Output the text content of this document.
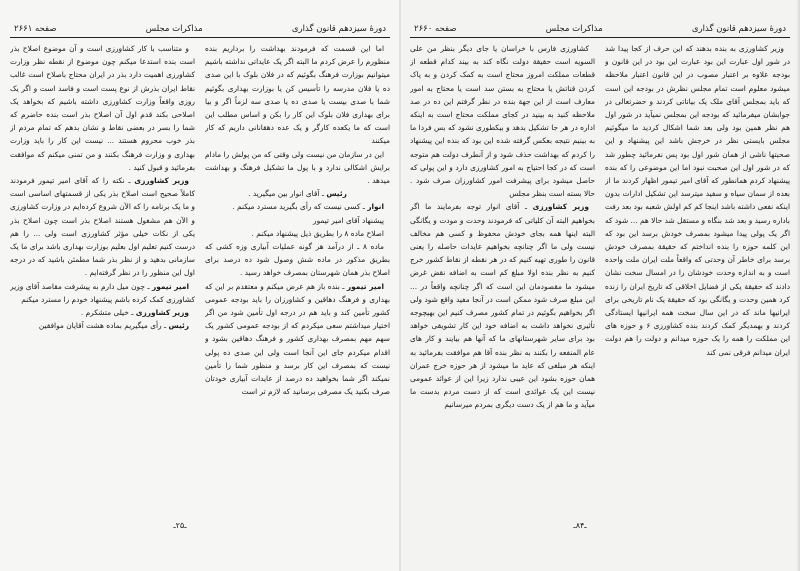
دورهٔ سیزدهم قانون گذاری
مذاکرات مجلس
صفحه ۲۶۶۱

اما این قسمت که فرمودند بهداشت را برداریم بنده منظورم را عرض کردم ما البته اگر یک عایداتی نداشته باشیم میتوانیم بوزارت فرهنگ بگوئیم که در فلان بلوک با این صدی ده یا فلان مدرسه را تأسیس کن یا بوزارت بهداری بگوئیم شما با صدی بیست یا صدی ده یا صدی سه لزماً اگر و بیا برای بهداری فلان بلوک این کار را بکن و اساس مطلب این است که ما یکعده کارگر و یک عده دهقانانی داریم که کار میکنند

این در سازمان من نیست ولی وقتی که من پولش را مادام برایش اشکالی ندارد و با پول ما تشکیل فرهنگ و بهداشت میدهد .

رئیس ـ آقای انوار بین میگیرید .

انوار ـ کسی نیست که رأی بگیرید مسترد میکنم .

پیشنهاد آقای امیر تیمور

اصلاح ماده ۸ را بطریق ذیل پیشنهاد میکنم .

ماده ۸ ـ از درآمد هر گونه عملیات آبیاری وزه کشی که بطریق مذکور در ماده شش وصول شود ده درصد برای اصلاح بذر همان شهرستان بمصرف خواهد رسید .

امیر تیمور ـ بنده باز هم عرض میکنم و معتقدم بر این که بهداری و فرهنگ دهاقین و کشاورزان را باید بودجه عمومی کشور تأمین کند و باید هم در درجه اول تأمین شود من اگر اختیار میداشتم سعی میکردم که از بودجه عمومی کشور یک سهم مهم بمصرف بهداری کشور و فرهنگ دهاقین بشود و اقدام میکردم جای این آنجا است ولی این صدی ده پولی نیست که بمصرف این کار برسد و منظور شما را تأمین نمیکند اگر شما بخواهید ده درصد از عایدات آبیاری خودتان صرف بکنید یک مصرفی برسانید که لازم تر است

و متناسب با کار کشاورزی است و آن موضوع اصلاح بذر است بنده استدعا میکنم چون موضوع از نقطه نظر وزارت کشاورزی اهمیت دارد بذر در ایران محتاج باصلاح است غالب نقاط ایران بذرش از نوع پست است و فاسد است و اگر یک روزی واقعاً وزارت کشاورزی داشته باشیم که بخواهد یک اصلاحی بکند قدم اول آن اصلاح بذر است بنده حاضرم که شما را بسر در بعضی نقاط و نشان بدهم که تمام مردم از بذر خوب محروم هستند ... نیست این کار را باید وزارت بهداری و وزارت فرهنگ بکنند و من تمنی میکنم که موافقت بفرمائید و قبول کنید .

وزیر کشاورزی ـ نکته را که آقای امیر تیمور فرمودند کاملاً صحیح است اصلاح بذر یکی از قسمتهای اساسی است و ما یک برنامه را که الآن شروع کرده‌ایم در وزارت کشاورزی و الآن هم مشغول هستند اصلاح بذر است چون اصلاح بذر یکی از نکات خیلی مؤثر کشاورزی است ولی ... را هم درست کنیم تعلیم اول بعلیم بوزارت بهداری باشد برای ما یک سازمانی بدهید و از نظر بذر شما مطمئن باشید که در درجه اول این منظور را در نظر گرفته‌ایم .

امیر تیمور ـ چون میل دارم به پیشرفت مقاصد آقای وزیر کشاورزی کمک کرده باشم پیشنهاد خودم را مسترد میکنم

وزیر کشاورزی ـ خیلی متشکرم .

رئیس ـ رأی میگیریم بماده هشت آقایان موافقین

ـ۲۵ـ
دورهٔ سیزدهم قانون گذاری
مذاکرات مجلس
صفحه ۲۶۶۰

وزیر کشاورزی به بنده بدهند که این حرف از کجا پیدا شد در شور اول عبارت این بود عبارت این بود در این قانون و بودجه علاوه بر اعتبار مصوب در این قانون اعتبار ملاحظه میشود معلوم است تمام مجلس نظرش در بودجه این است که باید بمجلس آقای ملک یک بیاناتی کردند و حضرتعالی در جوابشان میفرمائید که بودجه این بمجلس نمیآید در شور اول هم نظر همین بود ولی بعد شما اشکال کردید ما میگوئیم مجلس بایستی نظر در خرجش باشد این پیشنهاد و این صحبتها ناشی از همان شور اول بود پس نفرمائید چطور شد که در شور اول این صحبت نبود اما این موضوعی را که بنده پیشنهاد کردم همانطور که آقای امیر تیمور اظهار کردند ما از بعده از سمان سیاه و سفید میترسد این تشکیل ادارات بدون اینکه نفعی داشته باشد اینجا کم کم اولش شعبه بود بعد رفت باداره رسید و بعد شد بنگاه و مستقل شد حالا هم ... شود که اگر یک پولی پیدا میشود بمصرف خودش برسد این بود که این کلمه حوزه را بنده انداختم که حقیقة بمصرف خودش برسد برای خاطر آن وحدتی که واقعاً ملت ایران ملت واحده است و به اندازه وحدت خودشان را در امسال سخت نشان دادند که حقیقة یکی از فضایل اخلاقی که تاریخ ایران را زنده کرد همین وحدت و یگانگی بود که حقیقة یک نام تاریخی برای ایرانیها ماند که در این سال سخت همه ایرانیها ایستادگی کردند و بهمدیگر کمک کردند بنده کشاورزی ۶ و حوزه های این مملکت را همه را یک حوزه میدانم و دولت را هم دولت ایران میدانم فرقی نمی کند

کشاورزی فارس با خراسان یا جای دیگر بنظر من علی السویه است حقیقة دولت نگاه کند به بیند کدام قطعه از قطعات مملکت امروز محتاج است به کمک کردن و به پاک کردن قناتش یا محتاج به بستن سد است یا محتاج به امور معارف است از این جهة بنده در نظر گرفتم این ده در صد ملاحظه کنید به بینید در کجای مملکت محتاج است به اینکه اداره در هر جا تشکیل بدهد و بیکطوری نشود که بس فردا ما به بینیم نتیجه بعکس گرفته شده این بود که بنده این پیشنهاد را کردم که بهداشت حذف شود و از آنطرف دولت هم متوجه است که در کجا احتیاج به امور کشاورزی دارد و این پولی که حاصل میشود برای پیشرفت امور کشاورزان صرف شود . حالا بسته است بنظر مجلس

وزیر کشاورزی ـ آقای انوار توجه بفرمایند ما اگر بخواهیم البته آن کلیاتی که فرمودند وحدت و مودت و یگانگی البته اینها همه بجای خودش محفوظ و کسی هم مخالف نیست ولی ما اگر چنانچه بخواهیم عایدات حاصله را یعنی قانون را طوری تهیه کنیم که در هر نقطه از نقاط کشور خرج کنیم به نظر بنده اولا مبلغ کم است به اضافه نقض غرض میشود ما مقصودمان این است که اگر چنانچه واقعاً در ... این مبلغ صرف شود ممکن است در آنجا مفید واقع شود ولی اگر بخواهیم بگوئیم در تمام کشور مصرف کنیم این بهیچوجه تأثیری نخواهد داشت به اضافه خود این کار تشویقی خواهد بود برای سایر شهرستانهای ما که آنها هم بیایند و کار های عام المنفعه را بکنند به نظر بنده آقا هم موافقت بفرمائید به اینکه هر مبلغی که عاید ما میشود از هر حوزه خرج عمران همان حوزه بشود این عیبی ندارد زیرا این از عوائد عمومی نیست این یک عوائدی است که از دست مردم بدست ما میآید و ما هم از یک دست دیگری بمردم میرسانیم

ـ۸۴ـ
